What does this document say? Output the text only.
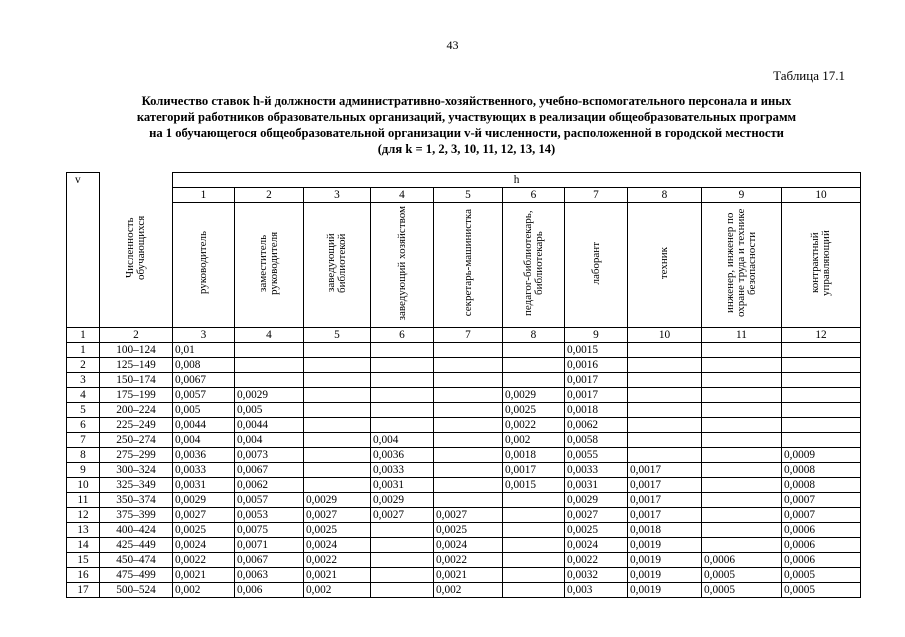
43
Таблица 17.1
Количество ставок h-й должности административно-хозяйственного, учебно-вспомогательного персонала и иных
категорий работников образовательных организаций, участвующих в реализации общеобразовательных программ
на 1 обучающегося общеобразовательной организации v-й численности, расположенной в городской местности
(для k = 1, 2, 3, 10, 11, 12, 13, 14)
v	Численность обучающихся	h									
		1	2	3	4	5	6	7	8	9	10
		руководитель	заместитель руководителя	заведующий библиотекой	заведующий хозяйством	секретарь-машинистка	педагог-библиотекарь, библиотекарь	лаборант	техник	инженер, инженер по охране труда и технике безопасности	контрактный управляющий
1	2	3	4	5	6	7	8	9	10	11	12
1	100–124	0,01						0,0015			
2	125–149	0,008						0,0016			
3	150–174	0,0067						0,0017			
4	175–199	0,0057	0,0029				0,0029	0,0017			
5	200–224	0,005	0,005				0,0025	0,0018			
6	225–249	0,0044	0,0044				0,0022	0,0062			
7	250–274	0,004	0,004		0,004		0,002	0,0058			
8	275–299	0,0036	0,0073		0,0036		0,0018	0,0055			0,0009
9	300–324	0,0033	0,0067		0,0033		0,0017	0,0033	0,0017		0,0008
10	325–349	0,0031	0,0062		0,0031		0,0015	0,0031	0,0017		0,0008
11	350–374	0,0029	0,0057	0,0029	0,0029			0,0029	0,0017		0,0007
12	375–399	0,0027	0,0053	0,0027	0,0027	0,0027		0,0027	0,0017		0,0007
13	400–424	0,0025	0,0075	0,0025		0,0025		0,0025	0,0018		0,0006
14	425–449	0,0024	0,0071	0,0024		0,0024		0,0024	0,0019		0,0006
15	450–474	0,0022	0,0067	0,0022		0,0022		0,0022	0,0019	0,0006	0,0006
16	475–499	0,0021	0,0063	0,0021		0,0021		0,0032	0,0019	0,0005	0,0005
17	500–524	0,002	0,006	0,002		0,002		0,003	0,0019	0,0005	0,0005
